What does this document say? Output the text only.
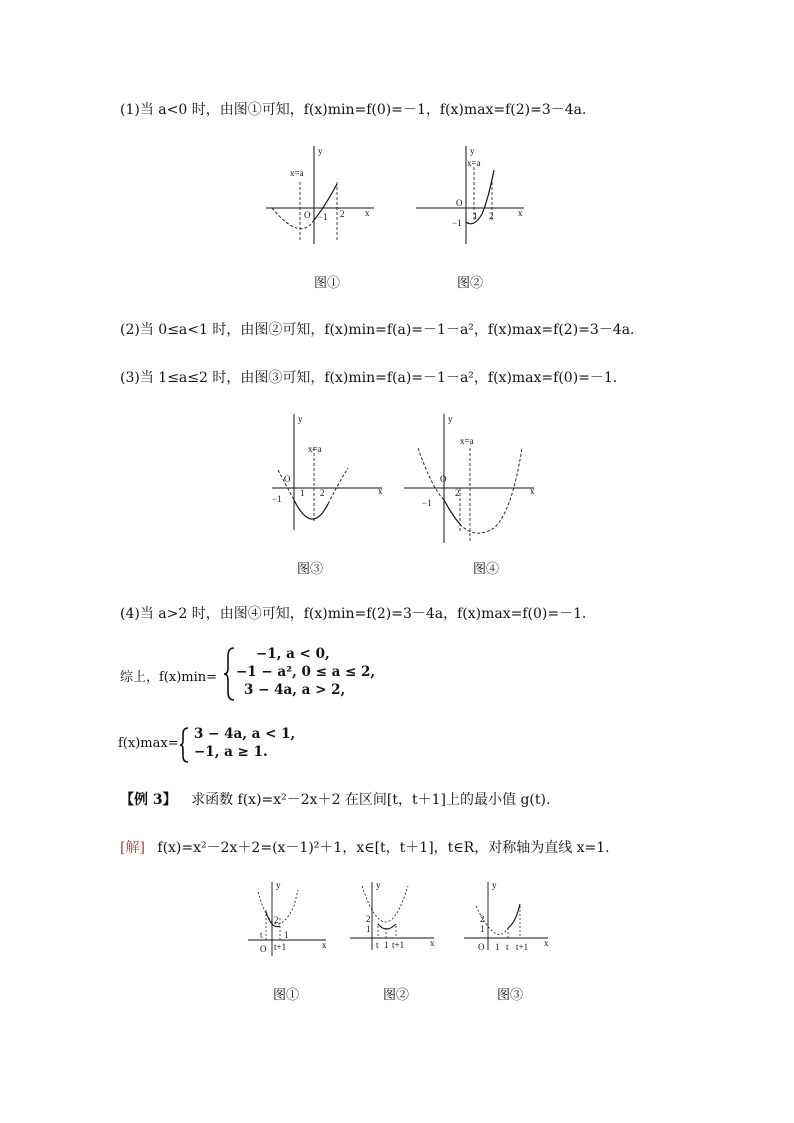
(1)当 a<0 时，由图①可知，f(x)min=f(0)=－1，f(x)max=f(2)=3－4a．
y
x
O
x=a
−1 2
y
x
O
x=a
−1
1 2
图①	图②
(2)当 0≤a<1 时，由图②可知，f(x)min=f(a)=－1－a²，f(x)max=f(2)=3－4a．
(3)当 1≤a≤2 时，由图③可知，f(x)min=f(a)=－1－a²，f(x)max=f(0)=－1．
y
x
O
x=a
−1
1 2
y
x
O
x=a
−1
2
图③	图④
(4)当 a>2 时，由图④可知，f(x)min=f(2)=3－4a，f(x)max=f(0)=－1．
综上，f(x)min=
−1, a < 0,
−1 − a², 0 ≤ a ≤ 2,
3 − 4a, a > 2,
f(x)max=
3 − 4a, a < 1,
−1, a ≥ 1.
【例 3】 求函数 f(x)=x²－2x＋2 在区间[t，t＋1]上的最小值 g(t).
[解] f(x)=x²－2x＋2=(x－1)²＋1，x∈[t，t＋1]，t∈R，对称轴为直线 x=1.
y
x
O
2
t 1
t+1
y
x
2
1
t 1 t+1
y
x
O
2
1
1 t t+1
图①	图②	图③
